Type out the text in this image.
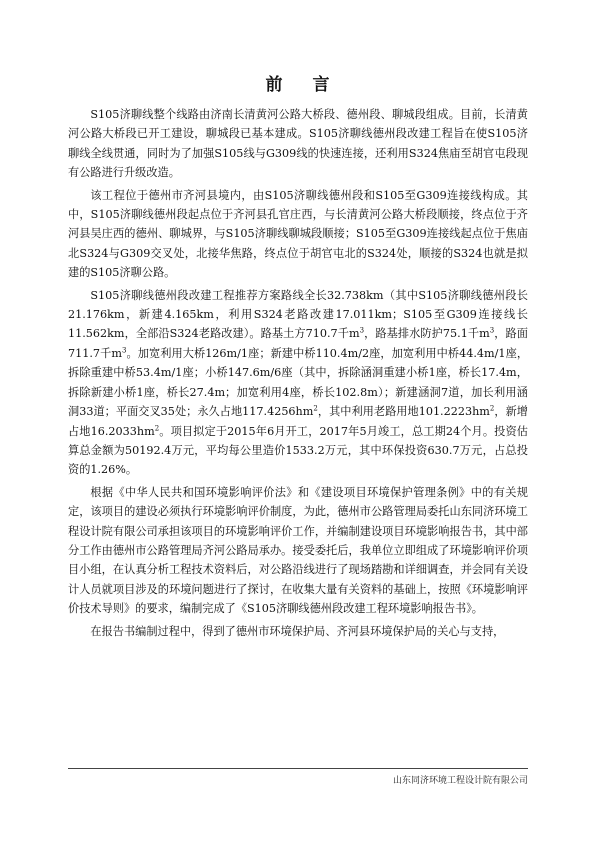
前 言

S105济聊线整个线路由济南长清黄河公路大桥段、德州段、聊城段组成。目前，长清黄河公路大桥段已开工建设，聊城段已基本建成。S105济聊线德州段改建工程旨在使S105济聊线全线贯通，同时为了加强S105线与G309线的快速连接，还利用S324焦庙至胡官屯段现有公路进行升级改造。

该工程位于德州市齐河县境内，由S105济聊线德州段和S105至G309连接线构成。其中，S105济聊线德州段起点位于齐河县孔官庄西，与长清黄河公路大桥段顺接，终点位于齐河县吴庄西的德州、聊城界，与S105济聊线聊城段顺接；S105至G309连接线起点位于焦庙北S324与G309交叉处，北接华焦路，终点位于胡官屯北的S324处，顺接的S324也就是拟建的S105济聊公路。

S105济聊线德州段改建工程推荐方案路线全长32.738km（其中S105济聊线德州段长21.176km，新建4.165km，利用S324老路改建17.011km；S105至G309连接线长11.562km，全部沿S324老路改建）。路基土方710.7千$m^3$，路基排水防护75.1千$m^3$，路面711.7千$m^3$。加宽利用大桥126m/1座；新建中桥110.4m/2座，加宽利用中桥44.4m/1座，拆除重建中桥53.4m/1座；小桥147.6m/6座（其中，拆除涵洞重建小桥1座，桥长17.4m，拆除新建小桥1座，桥长27.4m；加宽利用4座，桥长102.8m）；新建涵洞7道，加长利用涵洞33道；平面交叉35处；永久占地$117.4256hm^2$，其中利用老路用地$101.2223hm^2$，新增占地$16.2033hm^2$。项目拟定于2015年6月开工，2017年5月竣工，总工期24个月。投资估算总金额为50192.4万元，平均每公里造价1533.2万元，其中环保投资630.7万元，占总投资的1.26%。

根据《中华人民共和国环境影响评价法》和《建设项目环境保护管理条例》中的有关规定，该项目的建设必须执行环境影响评价制度，为此，德州市公路管理局委托山东同济环境工程设计院有限公司承担该项目的环境影响评价工作，并编制建设项目环境影响报告书，其中部分工作由德州市公路管理局齐河公路局承办。接受委托后，我单位立即组成了环境影响评价项目小组，在认真分析工程技术资料后，对公路沿线进行了现场踏勘和详细调查，并会同有关设计人员就项目涉及的环境问题进行了探讨，在收集大量有关资料的基础上，按照《环境影响评价技术导则》的要求，编制完成了《S105济聊线德州段改建工程环境影响报告书》。

在报告书编制过程中，得到了德州市环境保护局、齐河县环境保护局的关心与支持，

山东同济环境工程设计院有限公司
